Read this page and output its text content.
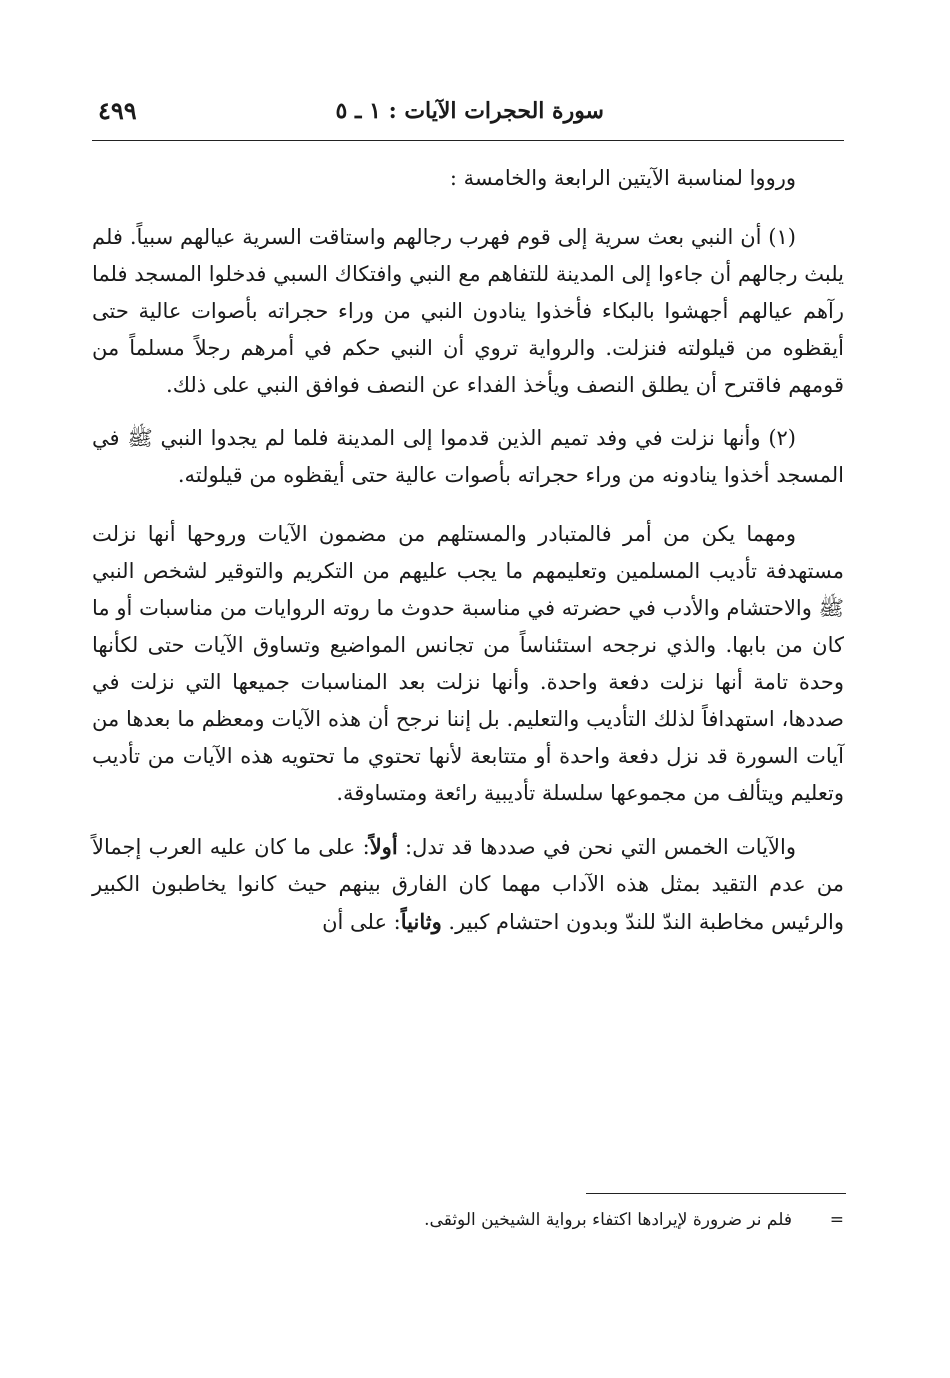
سورة الحجرات الآيات : ١ ـ ٥
٤٩٩

ورووا لمناسبة الآيتين الرابعة والخامسة :

(١) أن النبي بعث سرية إلى قوم فهرب رجالهم واستاقت السرية عيالهم سبياً. فلم يلبث رجالهم أن جاءوا إلى المدينة للتفاهم مع النبي وافتكاك السبي فدخلوا المسجد فلما رآهم عيالهم أجهشوا بالبكاء فأخذوا ينادون النبي من وراء حجراته بأصوات عالية حتى أيقظوه من قيلولته فنزلت. والرواية تروي أن النبي حكم في أمرهم رجلاً مسلماً من قومهم فاقترح أن يطلق النصف ويأخذ الفداء عن النصف فوافق النبي على ذلك.

(٢) وأنها نزلت في وفد تميم الذين قدموا إلى المدينة فلما لم يجدوا النبي ﷺ في المسجد أخذوا ينادونه من وراء حجراته بأصوات عالية حتى أيقظوه من قيلولته.

ومهما يكن من أمر فالمتبادر والمستلهم من مضمون الآيات وروحها أنها نزلت مستهدفة تأديب المسلمين وتعليمهم ما يجب عليهم من التكريم والتوقير لشخص النبي ﷺ والاحتشام والأدب في حضرته في مناسبة حدوث ما روته الروايات من مناسبات أو ما كان من بابها. والذي نرجحه استئناساً من تجانس المواضيع وتساوق الآيات حتى لكأنها وحدة تامة أنها نزلت دفعة واحدة. وأنها نزلت بعد المناسبات جميعها التي نزلت في صددها، استهدافاً لذلك التأديب والتعليم. بل إننا نرجح أن هذه الآيات ومعظم ما بعدها من آيات السورة قد نزل دفعة واحدة أو متتابعة لأنها تحتوي ما تحتويه هذه الآيات من تأديب وتعليم ويتألف من مجموعها سلسلة تأديبية رائعة ومتساوقة.

والآيات الخمس التي نحن في صددها قد تدل: أولاً: على ما كان عليه العرب إجمالاً من عدم التقيد بمثل هذه الآداب مهما كان الفارق بينهم حيث كانوا يخاطبون الكبير والرئيس مخاطبة الندّ للندّ وبدون احتشام كبير. وثانياً: على أن

=فلم نر ضرورة لإيرادها اكتفاء برواية الشيخين الوثقى.
